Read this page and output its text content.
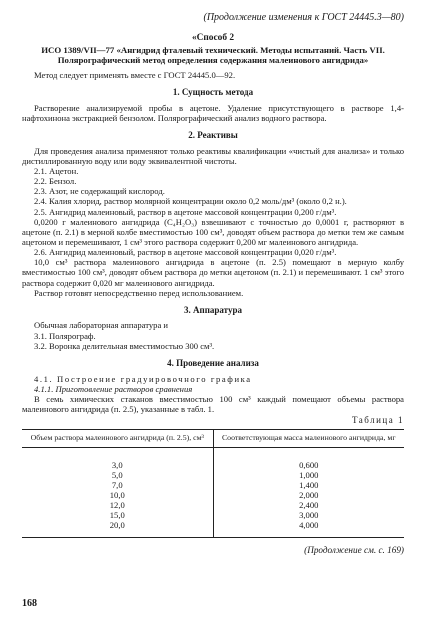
(Продолжение изменения к ГОСТ 24445.3—80)
«Способ 2
ИСО 1389/VII—77 «Ангидрид фталевый технический. Методы испытаний. Часть VII. Полярографический метод определения содержания малеинового ангидрида»

Метод следует применять вместе с ГОСТ 24445.0—92.

1. Сущность метода

Растворение анализируемой пробы в ацетоне. Удаление присутствующего в растворе 1,4-нафтохинона экстракцией бензолом. Полярографический анализ водного раствора.

2. Реактивы

Для проведения анализа применяют только реактивы квалификации «чистый для анализа» и только дистиллированную воду или воду эквивалентной чистоты.

2.1. Ацетон.

2.2. Бензол.

2.3. Азот, не содержащий кислород.

2.4. Калия хлорид, раствор молярной концентрации около 0,2 моль/дм³ (около 0,2 н.).

2.5. Ангидрид малеиновый, раствор в ацетоне массовой концентрации 0,200 г/дм³.

0,0200 г малеинового ангидрида (C₄H₂O₃) взвешивают с точностью до 0,0001 г, растворяют в ацетоне (п. 2.1) в мерной колбе вместимостью 100 см³, доводят объем раствора до метки тем же самым ацетоном и перемешивают, 1 см³ этого раствора содержит 0,200 мг малеинового ангидрида.

2.6. Ангидрид малеиновый, раствор в ацетоне массовой концентрации 0,020 г/дм³.

10,0 см³ раствора малеинового ангидрида в ацетоне (п. 2.5) помещают в мерную колбу вместимостью 100 см³, доводят объем раствора до метки ацетоном (п. 2.1) и перемешивают. 1 см³ этого раствора содержит 0,020 мг малеинового ангидрида.

Раствор готовят непосредственно перед использованием.

3. Аппаратура

Обычная лабораторная аппаратура и

3.1. Полярограф.

3.2. Воронка делительная вместимостью 300 см³.

4. Проведение анализа

4.1. Построение градуировочного графика

4.1.1. Приготовление растворов сравнения

В семь химических стаканов вместимостью 100 см³ каждый помещают объемы раствора малеинового ангидрида (п. 2.5), указанные в табл. 1.

Таблица 1
Объем раствора малеинового ангидрида (п. 2.5), см³	Соответствующая масса малеинового ангидрида, мг
3,0	0,600
5,0	1,000
7,0	1,400
10,0	2,000
12,0	2,400
15,0	3,000
20,0	4,000
(Продолжение см. с. 169)
168
